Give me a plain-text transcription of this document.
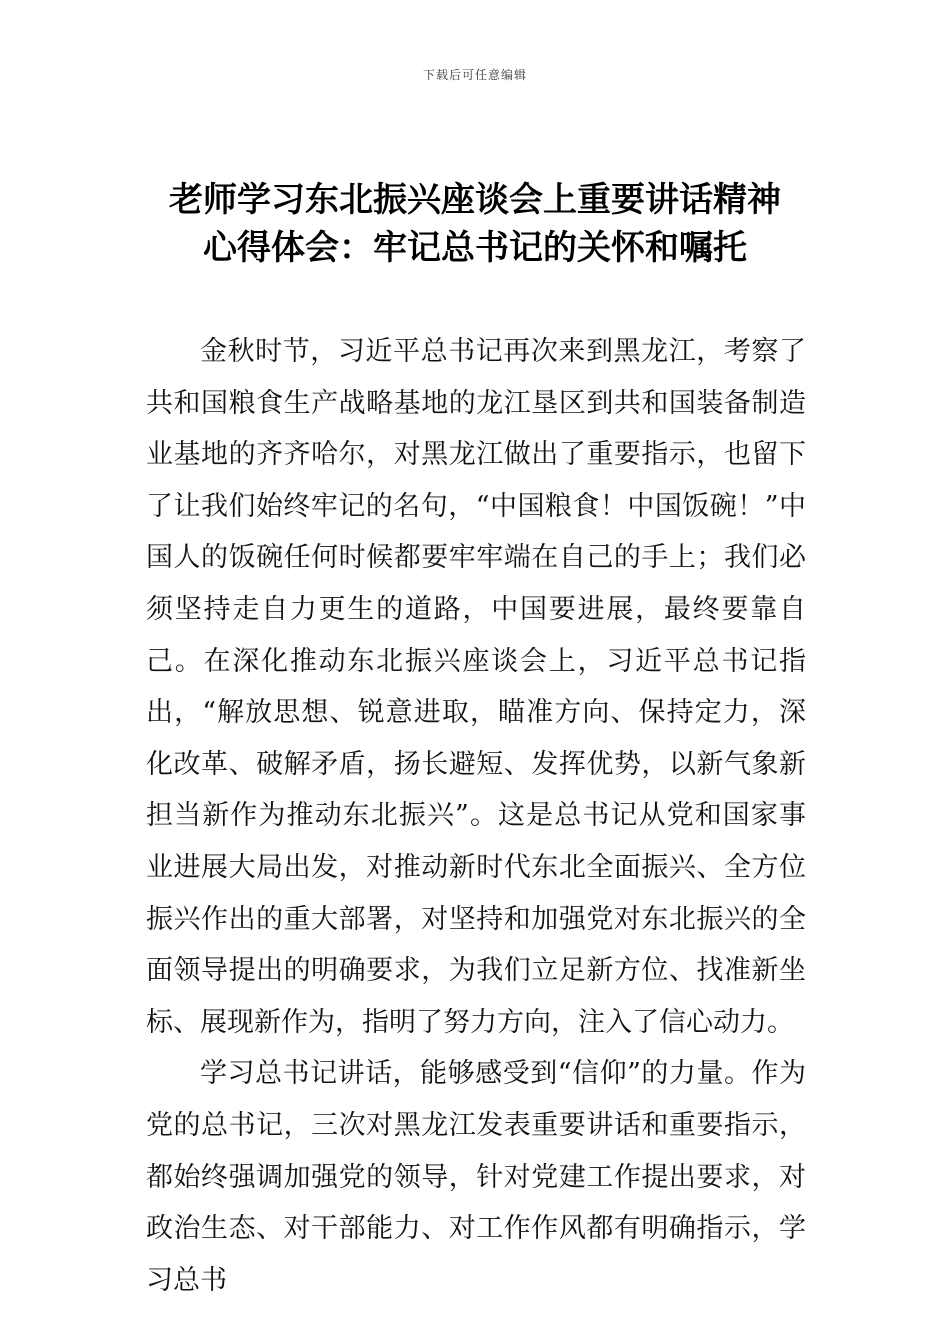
下载后可任意编辑
老师学习东北振兴座谈会上重要讲话精神
心得体会：牢记总书记的关怀和嘱托

金秋时节，习近平总书记再次来到黑龙江，考察了共和国粮食生产战略基地的龙江垦区到共和国装备制造业基地的齐齐哈尔，对黑龙江做出了重要指示，也留下了让我们始终牢记的名句，“中国粮食！中国饭碗！”中国人的饭碗任何时候都要牢牢端在自己的手上；我们必须坚持走自力更生的道路，中国要进展，最终要靠自己。在深化推动东北振兴座谈会上，习近平总书记指出，“解放思想、锐意进取，瞄准方向、保持定力，深化改革、破解矛盾，扬长避短、发挥优势，以新气象新担当新作为推动东北振兴”。这是总书记从党和国家事业进展大局出发，对推动新时代东北全面振兴、全方位振兴作出的重大部署，对坚持和加强党对东北振兴的全面领导提出的明确要求，为我们立足新方位、找准新坐标、展现新作为，指明了努力方向，注入了信心动力。

学习总书记讲话，能够感受到“信仰”的力量。作为党的总书记，三次对黑龙江发表重要讲话和重要指示，都始终强调加强党的领导，针对党建工作提出要求，对政治生态、对干部能力、对工作作风都有明确指示，学习总书
